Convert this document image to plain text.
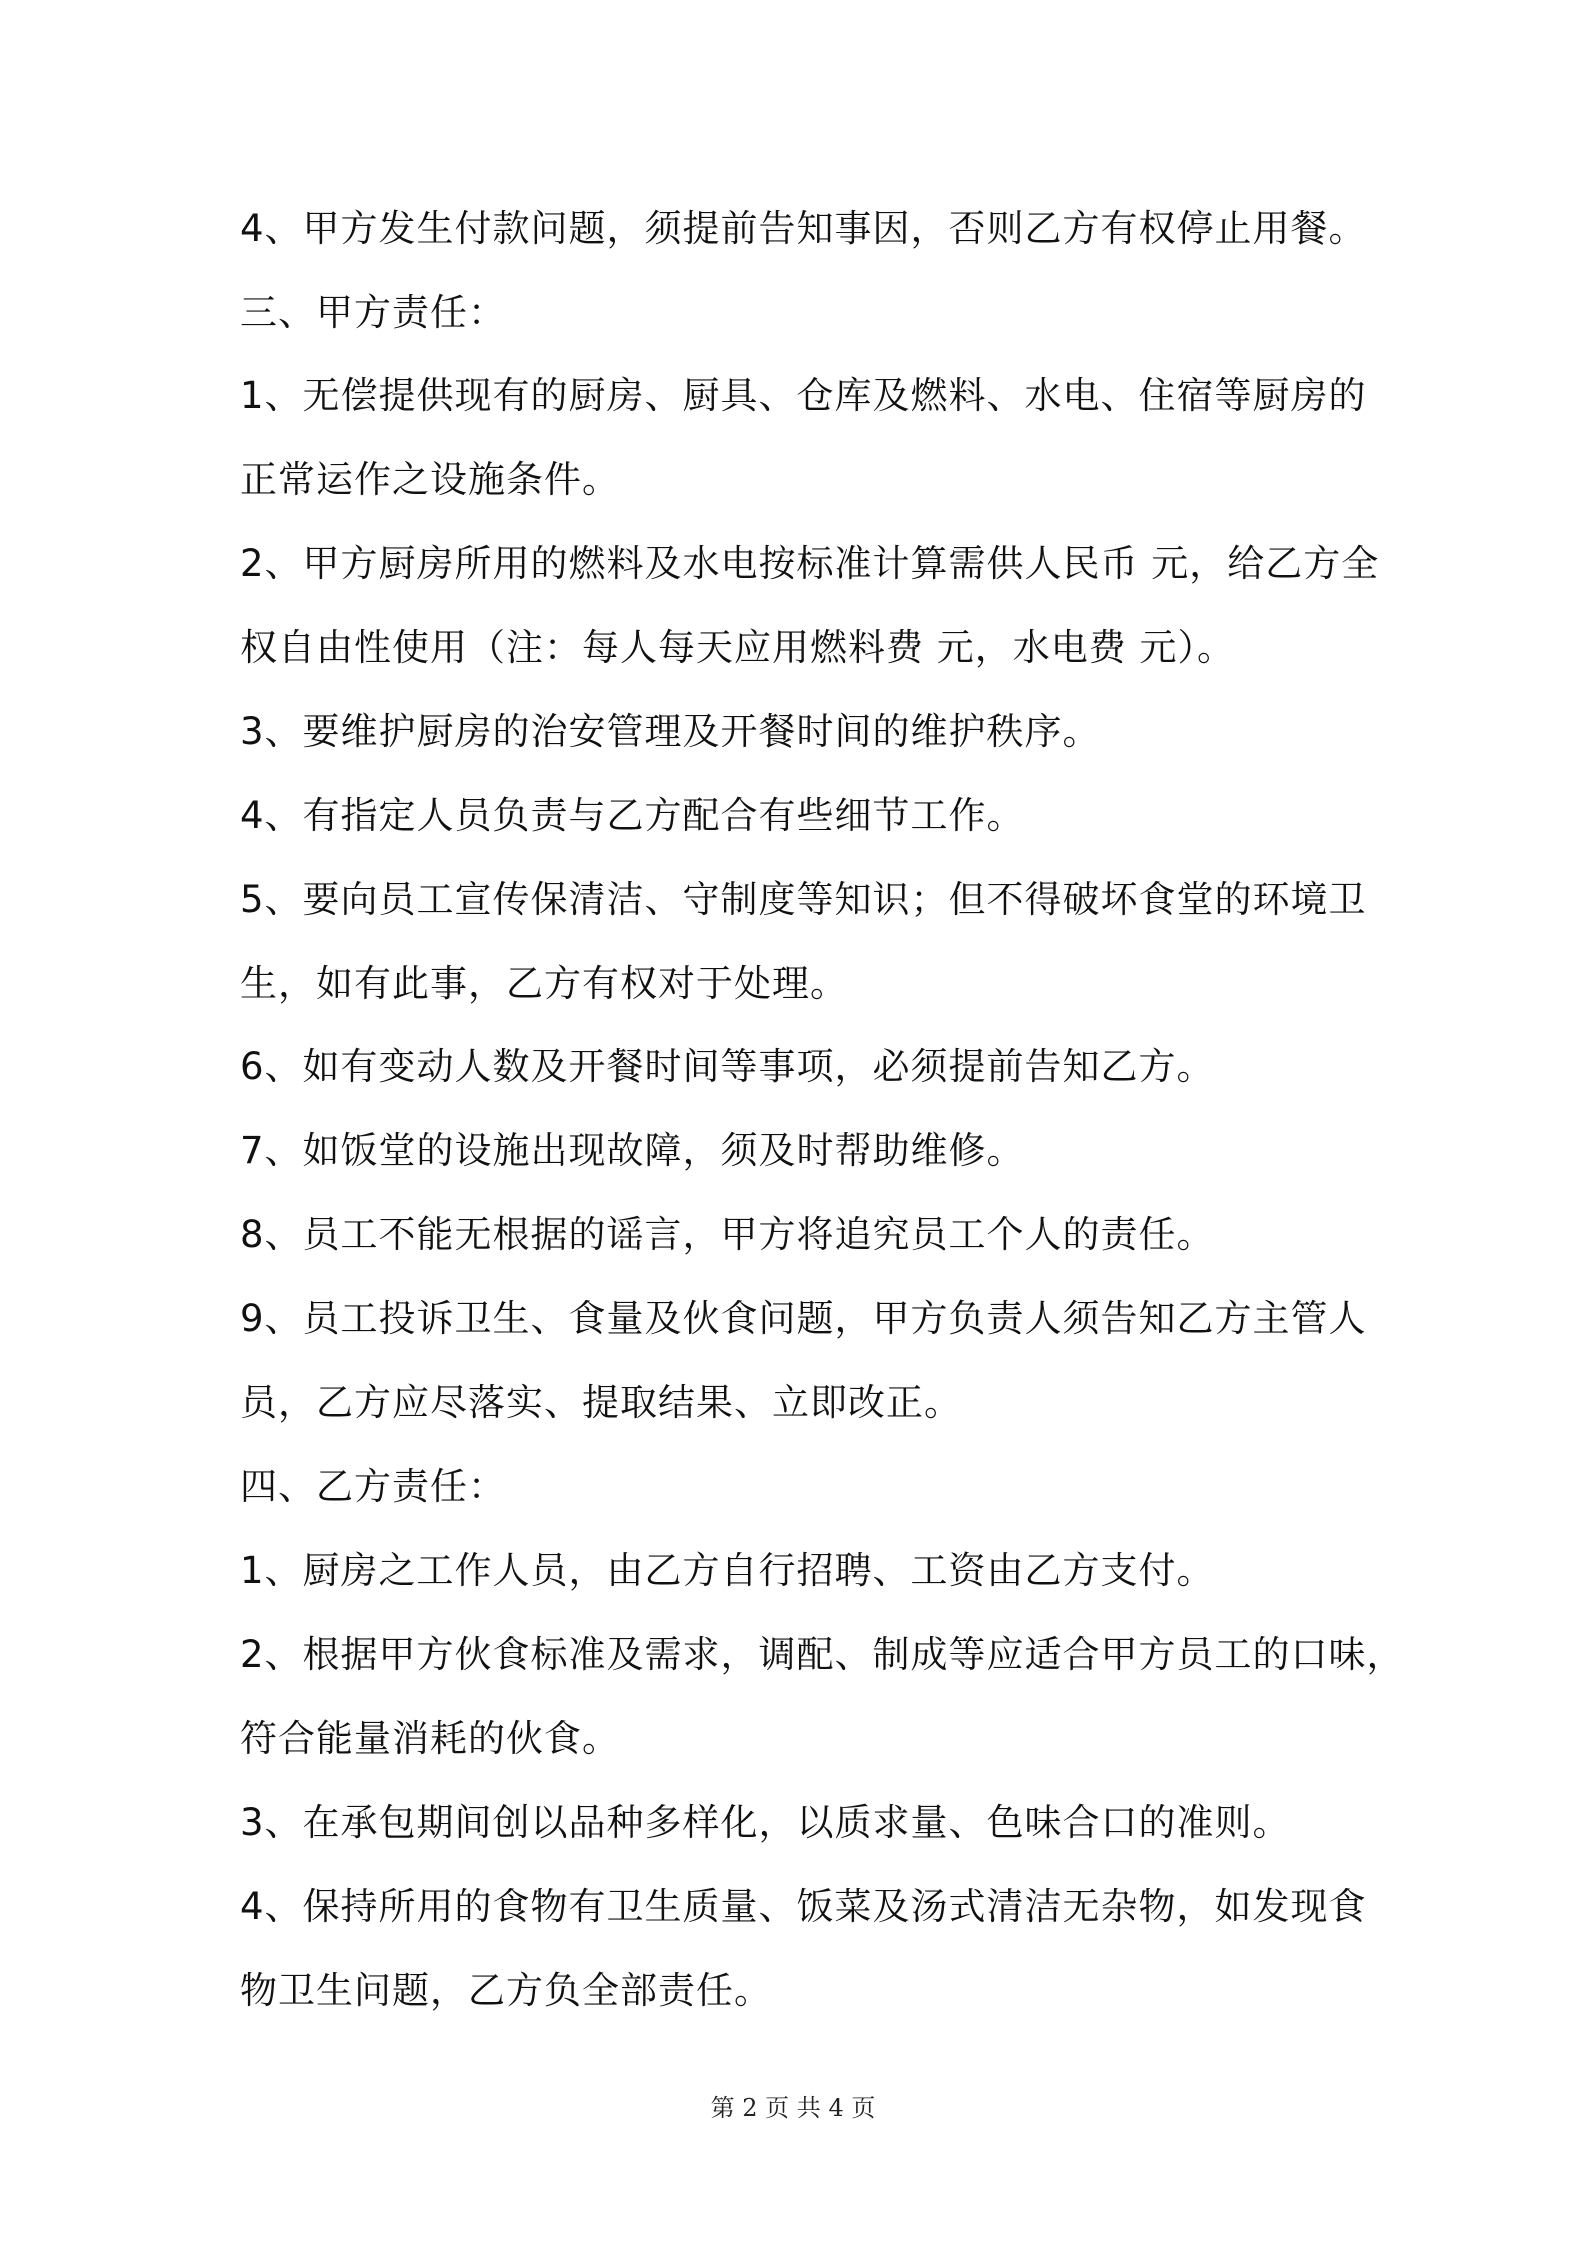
4、甲方发生付款问题，须提前告知事因，否则乙方有权停止用餐。
三、甲方责任：
1、无偿提供现有的厨房、厨具、仓库及燃料、水电、住宿等厨房的
正常运作之设施条件。
2、甲方厨房所用的燃料及水电按标准计算需供人民币 元，给乙方全
权自由性使用（注：每人每天应用燃料费 元，水电费 元）。
3、要维护厨房的治安管理及开餐时间的维护秩序。
4、有指定人员负责与乙方配合有些细节工作。
5、要向员工宣传保清洁、守制度等知识；但不得破坏食堂的环境卫
生，如有此事，乙方有权对于处理。
6、如有变动人数及开餐时间等事项，必须提前告知乙方。
7、如饭堂的设施出现故障，须及时帮助维修。
8、员工不能无根据的谣言，甲方将追究员工个人的责任。
9、员工投诉卫生、食量及伙食问题，甲方负责人须告知乙方主管人
员，乙方应尽落实、提取结果、立即改正。
四、乙方责任：
1、厨房之工作人员，由乙方自行招聘、工资由乙方支付。
2、根据甲方伙食标准及需求，调配、制成等应适合甲方员工的口味，
符合能量消耗的伙食。
3、在承包期间创以品种多样化，以质求量、色味合口的准则。
4、保持所用的食物有卫生质量、饭菜及汤式清洁无杂物，如发现食
物卫生问题，乙方负全部责任。
第 2 页 共 4 页
